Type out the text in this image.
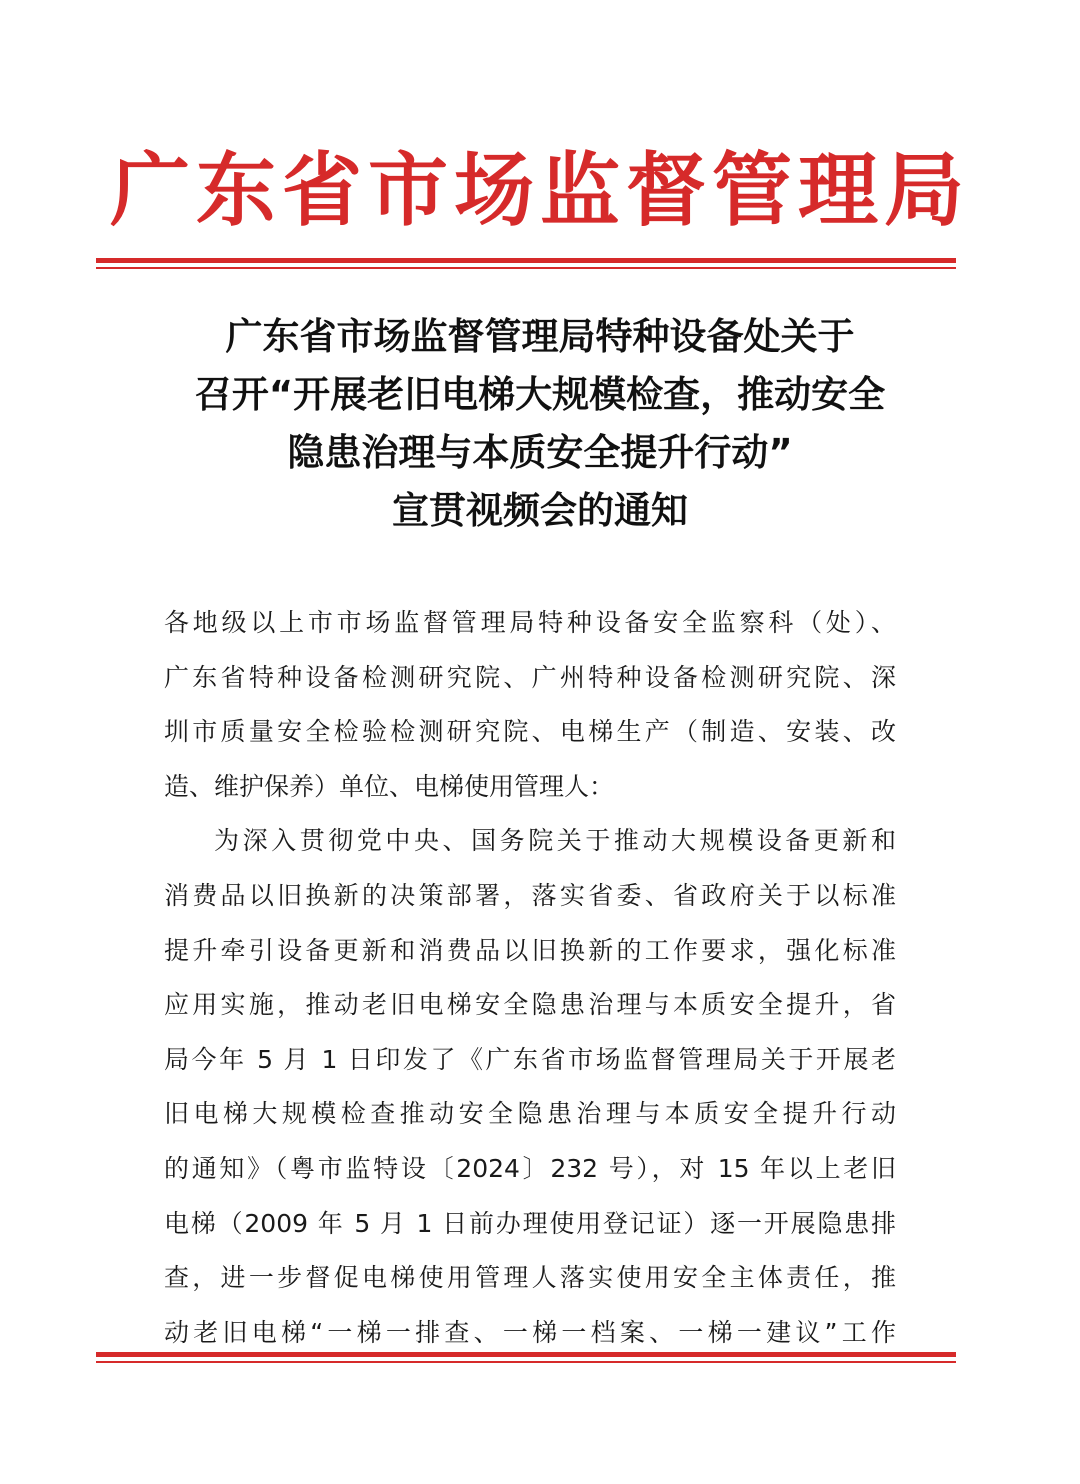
广东省市场监督管理局
广东省市场监督管理局特种设备处关于
召开“开展老旧电梯大规模检查，推动安全
隐患治理与本质安全提升行动”
宣贯视频会的通知
各地级以上市市场监督管理局特种设备安全监察科（处）、
广东省特种设备检测研究院、广州特种设备检测研究院、深
圳市质量安全检验检测研究院、电梯生产（制造、安装、改
造、维护保养）单位、电梯使用管理人：
为深入贯彻党中央、国务院关于推动大规模设备更新和
消费品以旧换新的决策部署，落实省委、省政府关于以标准
提升牵引设备更新和消费品以旧换新的工作要求，强化标准
应用实施，推动老旧电梯安全隐患治理与本质安全提升，省
局今年 5 月 1 日印发了《广东省市场监督管理局关于开展老
旧电梯大规模检查推动安全隐患治理与本质安全提升行动
的通知》（粤市监特设〔2024〕232 号），对 15 年以上老旧
电梯（2009 年 5 月 1 日前办理使用登记证）逐一开展隐患排
查，进一步督促电梯使用管理人落实使用安全主体责任，推
动老旧电梯“一梯一排查、一梯一档案、一梯一建议”工作
